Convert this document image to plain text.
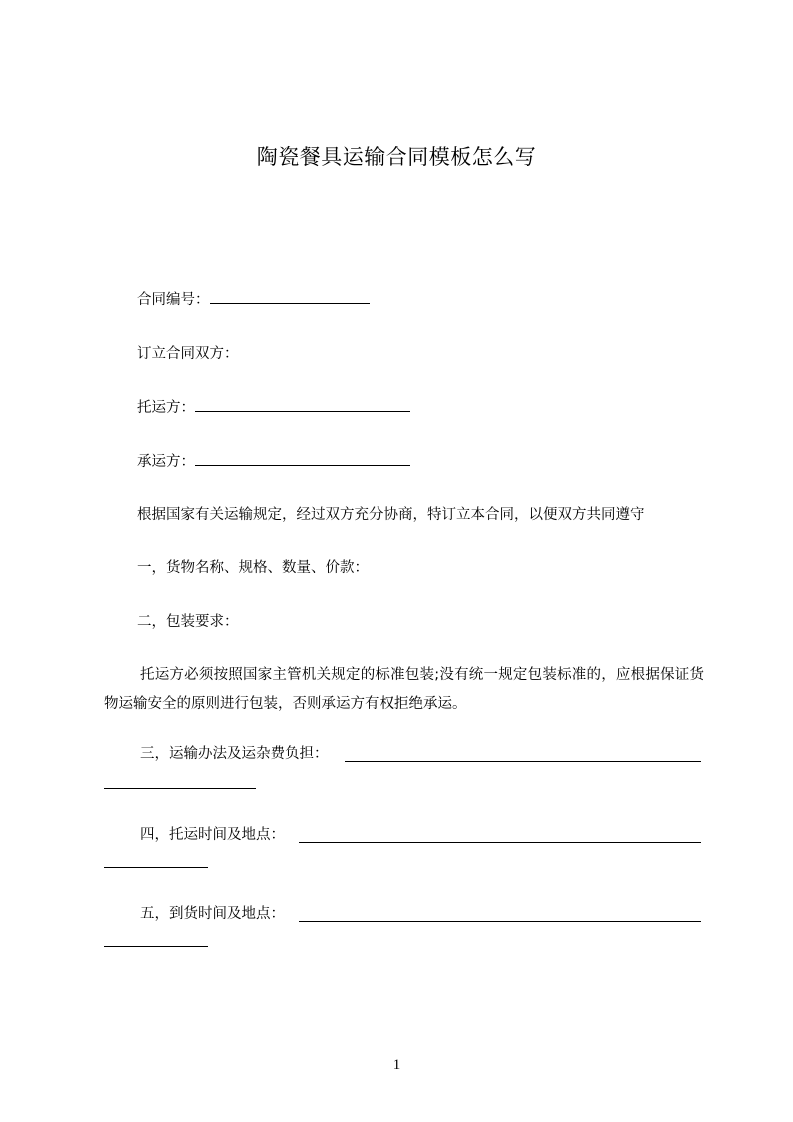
陶瓷餐具运输合同模板怎么写
合同编号：
订立合同双方：
托运方：
承运方：
根据国家有关运输规定，经过双方充分协商，特订立本合同，以便双方共同遵守
一，货物名称、规格、数量、价款：
二，包装要求：
托运方必须按照国家主管机关规定的标准包装;没有统一规定包装标准的，应根据保证货物运输安全的原则进行包装，否则承运方有权拒绝承运。
三，运输办法及运杂费负担：
四，托运时间及地点：
五，到货时间及地点：
1
